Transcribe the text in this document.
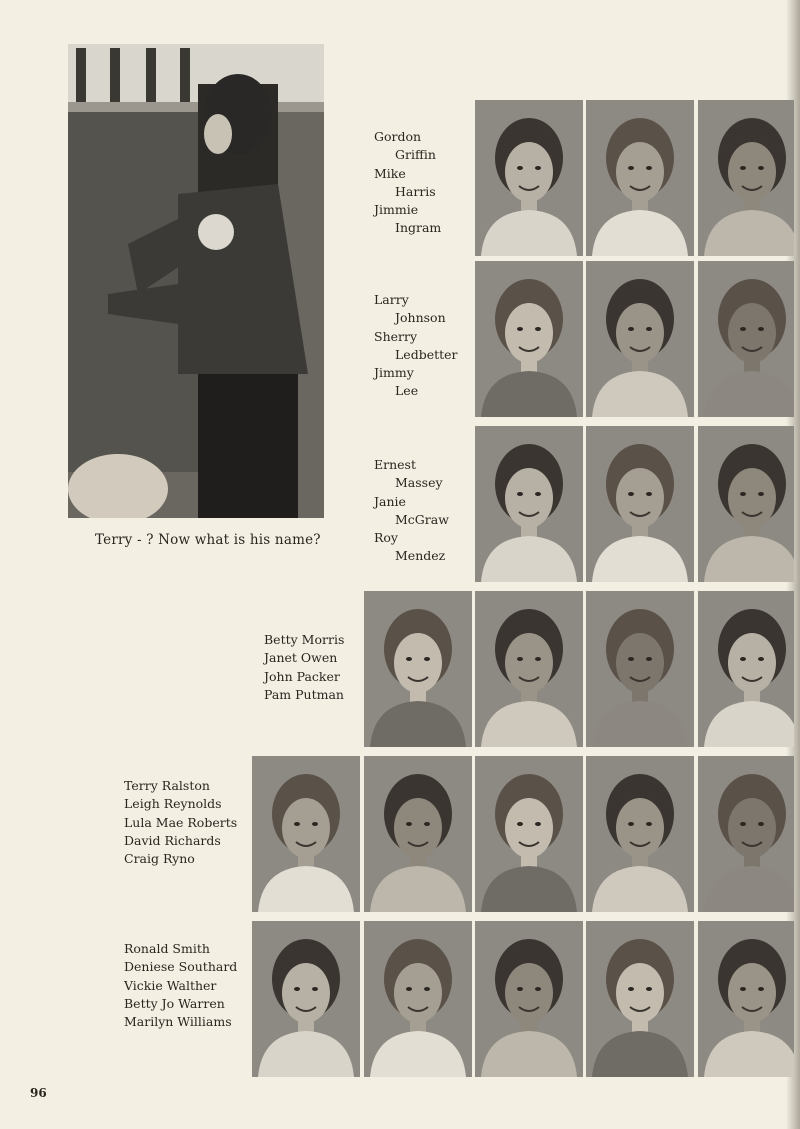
Terry - ? Now what is his name?
Gordon
Griffin
Mike
Harris
Jimmie
Ingram
Larry
Johnson
Sherry
Ledbetter
Jimmy
Lee
Ernest
Massey
Janie
McGraw
Roy
Mendez
Betty Morris
Janet Owen
John Packer
Pam Putman
Terry Ralston
Leigh Reynolds
Lula Mae Roberts
David Richards
Craig Ryno
Ronald Smith
Deniese Southard
Vickie Walther
Betty Jo Warren
Marilyn Williams
96
